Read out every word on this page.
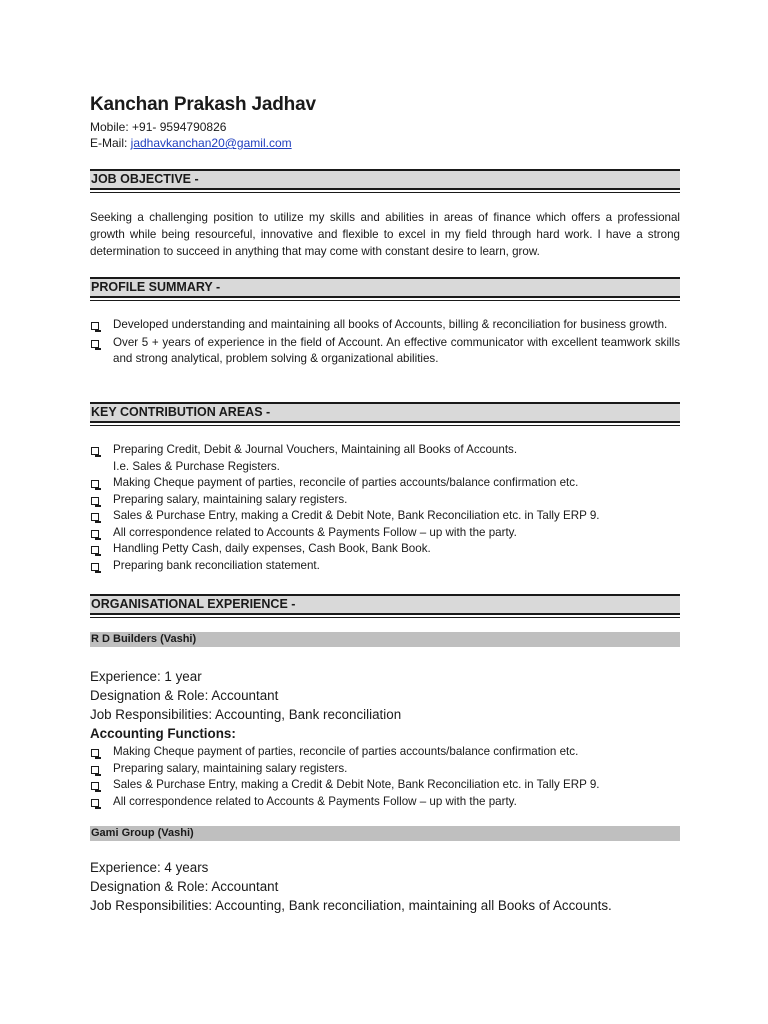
Kanchan Prakash Jadhav
Mobile: +91- 9594790826
E-Mail: jadhavkanchan20@gamil.com
JOB OBJECTIVE -
Seeking a challenging position to utilize my skills and abilities in areas of finance which offers a professional growth while being resourceful, innovative and flexible to excel in my field through hard work. I have a strong determination to succeed in anything that may come with constant desire to learn, grow.
PROFILE SUMMARY -
Developed understanding and maintaining all books of Accounts, billing & reconciliation for business growth.
Over 5 + years of experience in the field of Account. An effective communicator with excellent teamwork skills and strong analytical, problem solving & organizational abilities.
KEY CONTRIBUTION AREAS -
Preparing Credit, Debit & Journal Vouchers, Maintaining all Books of Accounts.
I.e. Sales & Purchase Registers.
Making Cheque payment of parties, reconcile of parties accounts/balance confirmation etc.
Preparing salary, maintaining salary registers.
Sales & Purchase Entry, making a Credit & Debit Note, Bank Reconciliation etc. in Tally ERP 9.
All correspondence related to Accounts & Payments Follow – up with the party.
Handling Petty Cash, daily expenses, Cash Book, Bank Book.
Preparing bank reconciliation statement.
ORGANISATIONAL EXPERIENCE -
R D Builders (Vashi)
Experience: 1 year
Designation & Role: Accountant
Job Responsibilities: Accounting, Bank reconciliation
Accounting Functions:
Making Cheque payment of parties, reconcile of parties accounts/balance confirmation etc.
Preparing salary, maintaining salary registers.
Sales & Purchase Entry, making a Credit & Debit Note, Bank Reconciliation etc. in Tally ERP 9.
All correspondence related to Accounts & Payments Follow – up with the party.
Gami Group (Vashi)
Experience: 4 years
Designation & Role: Accountant
Job Responsibilities: Accounting, Bank reconciliation, maintaining all Books of Accounts.
